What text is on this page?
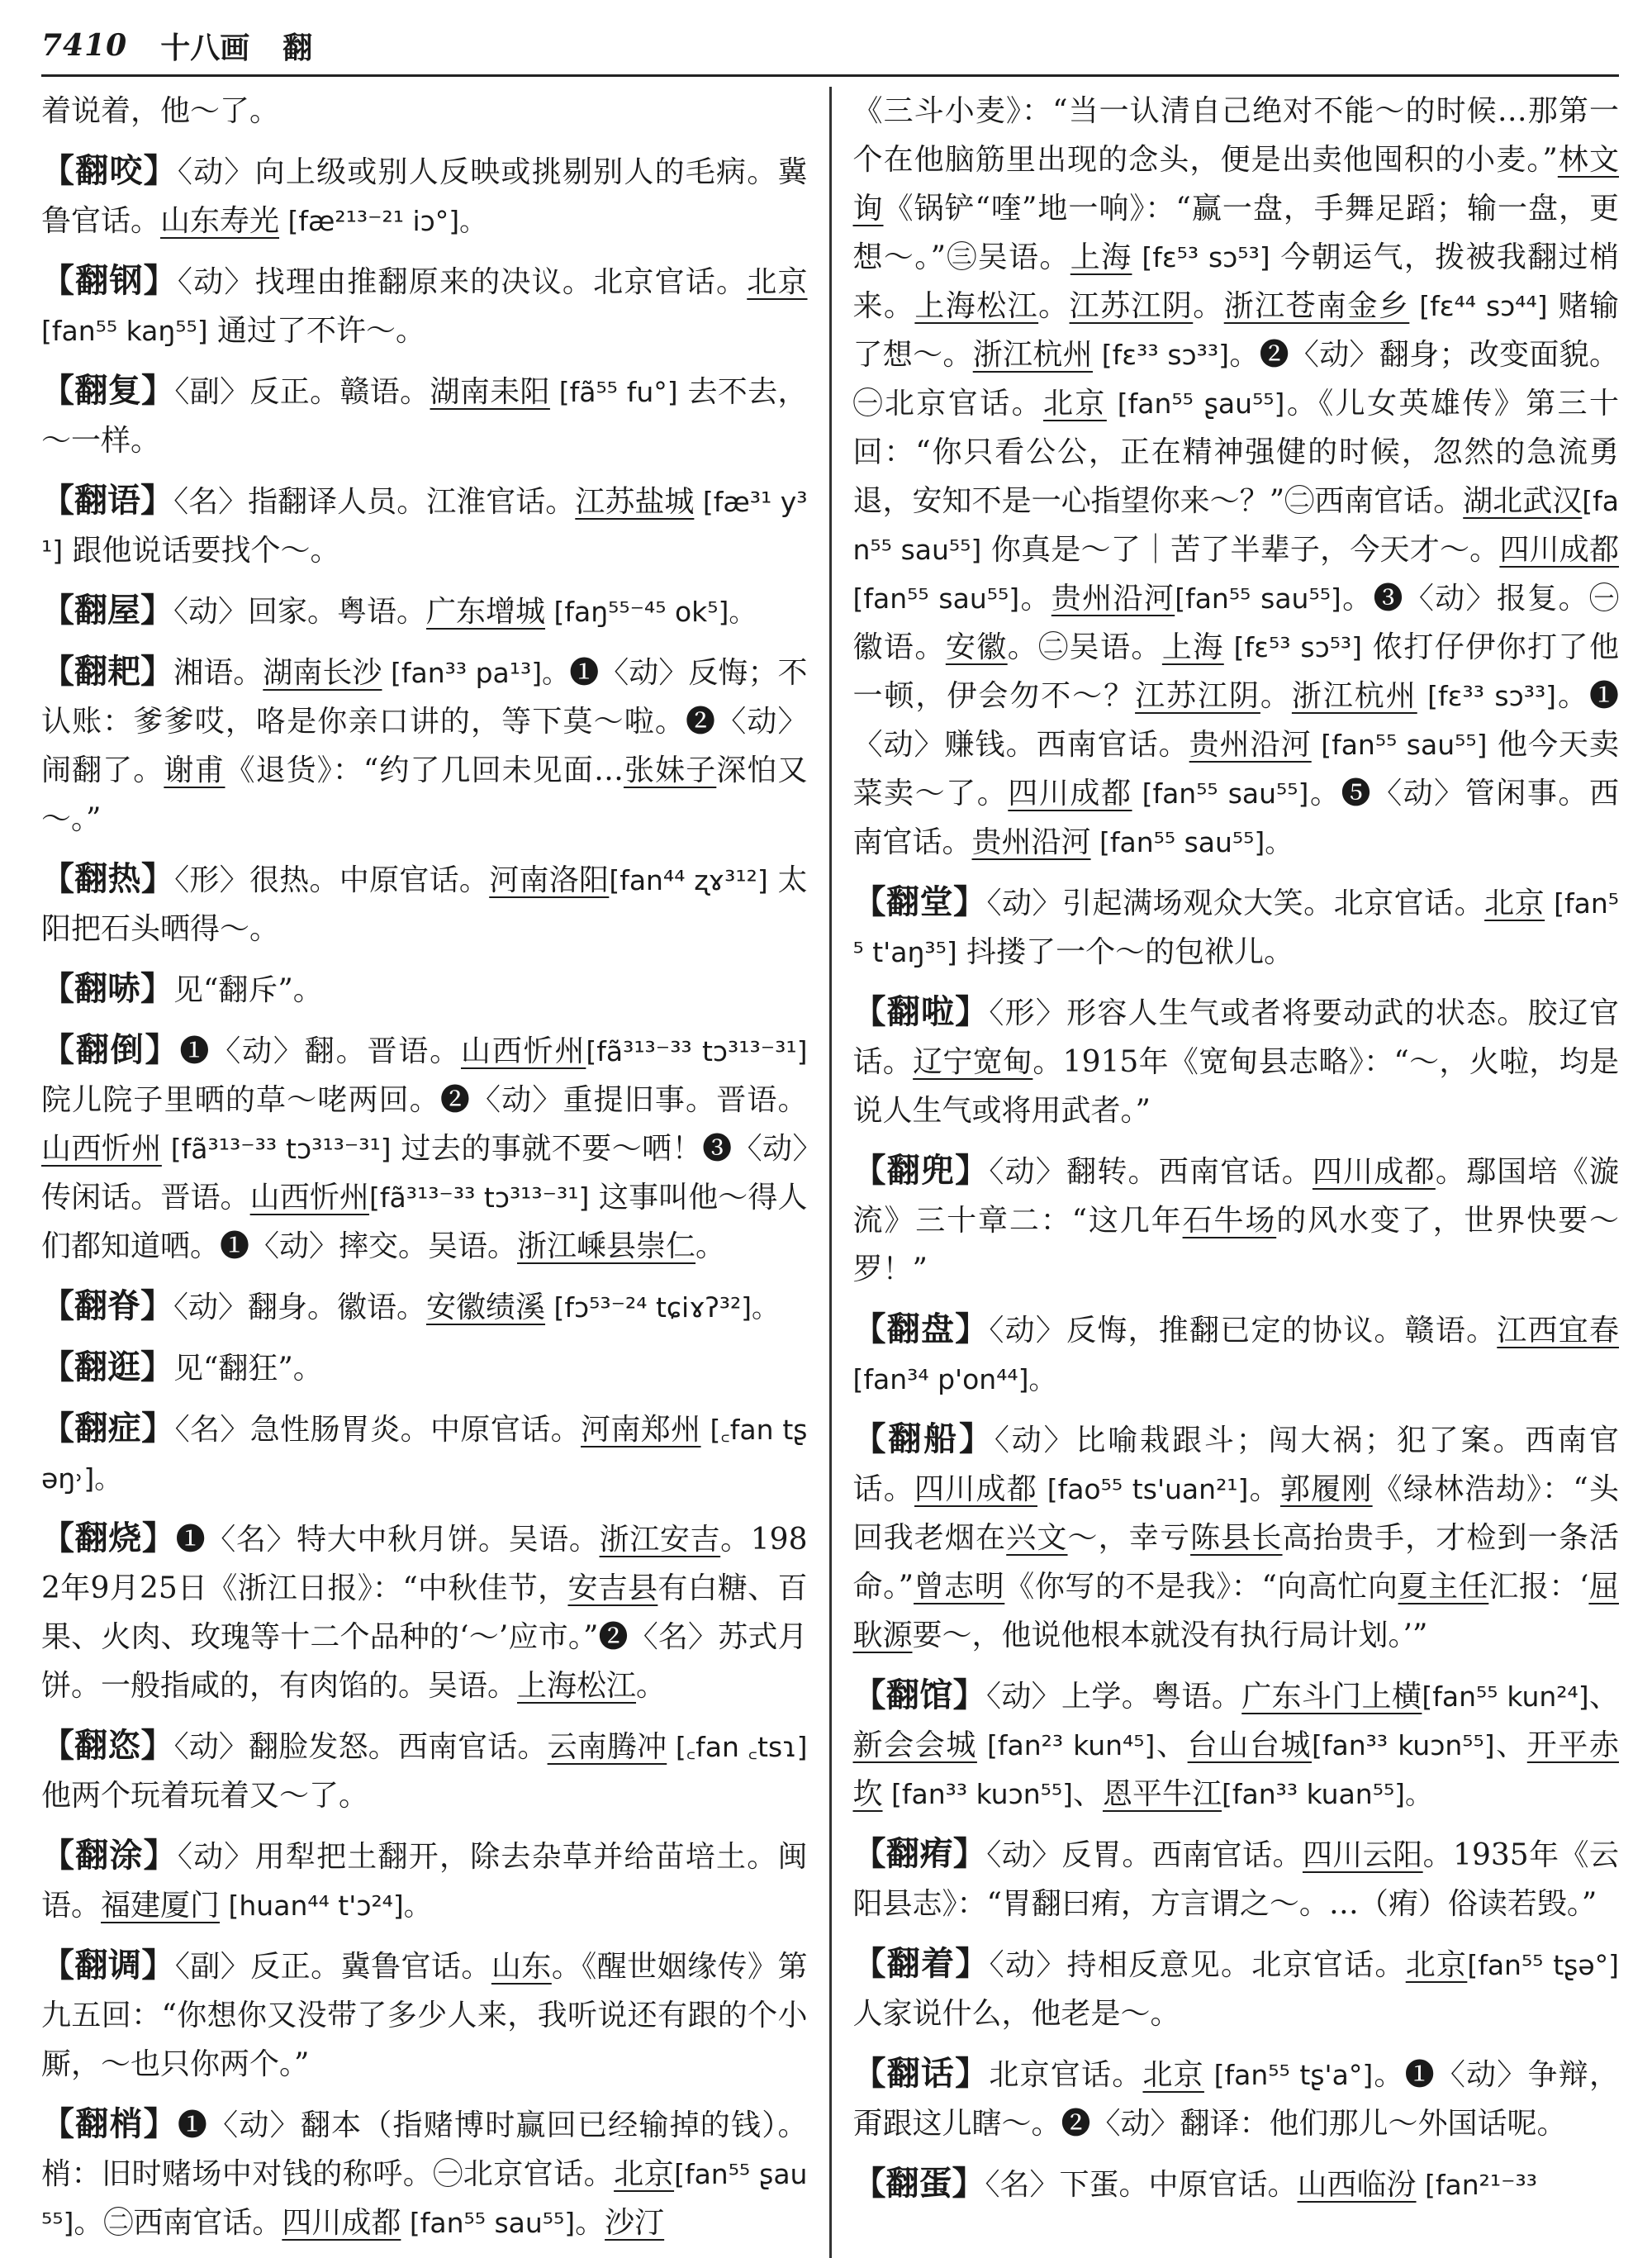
7410 十八画 翻
着说着，他～了。
【翻咬】〈动〉向上级或别人反映或挑剔别人的毛病。冀鲁官话。山东寿光 [fæ²¹³⁻²¹ iɔ°]。
【翻钢】〈动〉找理由推翻原来的决议。北京官话。北京 [fan⁵⁵ kaŋ⁵⁵] 通过了不许～。
【翻复】〈副〉反正。赣语。湖南耒阳 [fã⁵⁵ fu°] 去不去，～一样。
【翻语】〈名〉指翻译人员。江淮官话。江苏盐城 [fæ³¹ y³¹] 跟他说话要找个～。
【翻屋】〈动〉回家。粤语。广东增城 [faŋ⁵⁵⁻⁴⁵ ok⁵]。
【翻耙】湘语。湖南长沙 [fan³³ pa¹³]。❶〈动〉反悔；不认账：爹爹哎，咯是你亲口讲的，等下莫～啦。❷〈动〉闹翻了。谢甫《退货》：“约了几回未见面…张妹子深怕又～。”
【翻热】〈形〉很热。中原官话。河南洛阳[fan⁴⁴ ʐɤ³¹²] 太阳把石头晒得～。
【翻哧】见“翻斥”。
【翻倒】❶〈动〉翻。晋语。山西忻州[fã³¹³⁻³³ tɔ³¹³⁻³¹] 院儿院子里晒的草～咾两回。❷〈动〉重提旧事。晋语。山西忻州 [fã³¹³⁻³³ tɔ³¹³⁻³¹] 过去的事就不要～哂！❸〈动〉传闲话。晋语。山西忻州[fã³¹³⁻³³ tɔ³¹³⁻³¹] 这事叫他～得人们都知道哂。❶〈动〉摔交。吴语。浙江嵊县崇仁。
【翻脊】〈动〉翻身。徽语。安徽绩溪 [fɔ⁵³⁻²⁴ tɕiɤʔ³²]。
【翻逛】见“翻狂”。
【翻症】〈名〉急性肠胃炎。中原官话。河南郑州 [꜀fan tʂəŋ˒]。
【翻烧】❶〈名〉特大中秋月饼。吴语。浙江安吉。1982年9月25日《浙江日报》：“中秋佳节，安吉县有白糖、百果、火肉、玫瑰等十二个品种的‘～’应市。”❷〈名〉苏式月饼。一般指咸的，有肉馅的。吴语。上海松江。
【翻恣】〈动〉翻脸发怒。西南官话。云南腾冲 [꜀fan ꜀tsɿ] 他两个玩着玩着又～了。
【翻涂】〈动〉用犁把土翻开，除去杂草并给苗培土。闽语。福建厦门 [huan⁴⁴ t'ɔ²⁴]。
【翻调】〈副〉反正。冀鲁官话。山东。《醒世姻缘传》第九五回：“你想你又没带了多少人来，我听说还有跟的个小厮，～也只你两个。”
【翻梢】❶〈动〉翻本（指赌博时赢回已经输掉的钱）。梢：旧时赌场中对钱的称呼。㊀北京官话。北京[fan⁵⁵ ʂau⁵⁵]。㊁西南官话。四川成都 [fan⁵⁵ sau⁵⁵]。沙汀
《三斗小麦》：“当一认清自己绝对不能～的时候…那第一个在他脑筋里出现的念头，便是出卖他囤积的小麦。”林文询《锅铲“喹”地一响》：“赢一盘，手舞足蹈；输一盘，更想～。”㊂吴语。上海 [fɛ⁵³ sɔ⁵³] 今朝运气，拨被我翻过梢来。上海松江。江苏江阴。浙江苍南金乡 [fɛ⁴⁴ sɔ⁴⁴] 赌输了想～。浙江杭州 [fɛ³³ sɔ³³]。❷〈动〉翻身；改变面貌。㊀北京官话。北京 [fan⁵⁵ ʂau⁵⁵]。《儿女英雄传》第三十回：“你只看公公，正在精神强健的时候，忽然的急流勇退，安知不是一心指望你来～？”㊁西南官话。湖北武汉[fan⁵⁵ sau⁵⁵] 你真是～了｜苦了半辈子，今天才～。四川成都 [fan⁵⁵ sau⁵⁵]。贵州沿河[fan⁵⁵ sau⁵⁵]。❸〈动〉报复。㊀徽语。安徽。㊁吴语。上海 [fɛ⁵³ sɔ⁵³] 侬打仔伊你打了他一顿，伊会勿不～？江苏江阴。浙江杭州 [fɛ³³ sɔ³³]。❶〈动〉赚钱。西南官话。贵州沿河 [fan⁵⁵ sau⁵⁵] 他今天卖菜卖～了。四川成都 [fan⁵⁵ sau⁵⁵]。❺〈动〉管闲事。西南官话。贵州沿河 [fan⁵⁵ sau⁵⁵]。
【翻堂】〈动〉引起满场观众大笑。北京官话。北京 [fan⁵⁵ t'aŋ³⁵] 抖搂了一个～的包袱儿。
【翻啦】〈形〉形容人生气或者将要动武的状态。胶辽官话。辽宁宽甸。1915年《宽甸县志略》：“～，火啦，均是说人生气或将用武者。”
【翻兜】〈动〉翻转。西南官话。四川成都。鄢国培《漩流》三十章二：“这几年石牛场的风水变了，世界快要～罗！”
【翻盘】〈动〉反悔，推翻已定的协议。赣语。江西宜春 [fan³⁴ p'on⁴⁴]。
【翻船】〈动〉比喻栽跟斗；闯大祸；犯了案。西南官话。四川成都 [fao⁵⁵ ts'uan²¹]。郭履刚《绿林浩劫》：“头回我老烟在兴文～，幸亏陈县长高抬贵手，才检到一条活命。”曾志明《你写的不是我》：“向高忙向夏主任汇报：‘屈耿源要～，他说他根本就没有执行局计划。’”
【翻馆】〈动〉上学。粤语。广东斗门上横[fan⁵⁵ kun²⁴]、新会会城 [fan²³ kun⁴⁵]、台山台城[fan³³ kuɔn⁵⁵]、开平赤坎 [fan³³ kuɔn⁵⁵]、恩平牛江[fan³³ kuan⁵⁵]。
【翻痏】〈动〉反胃。西南官话。四川云阳。1935年《云阳县志》：“胃翻曰痏，方言谓之～。…（痏）俗读若毁。”
【翻着】〈动〉持相反意见。北京官话。北京[fan⁵⁵ tʂə°] 人家说什么，他老是～。
【翻话】北京官话。北京 [fan⁵⁵ tʂ'a°]。❶〈动〉争辩，甭跟这儿瞎～。❷〈动〉翻译：他们那儿～外国话呢。
【翻蛋】〈名〉下蛋。中原官话。山西临汾 [fan²¹⁻³³
